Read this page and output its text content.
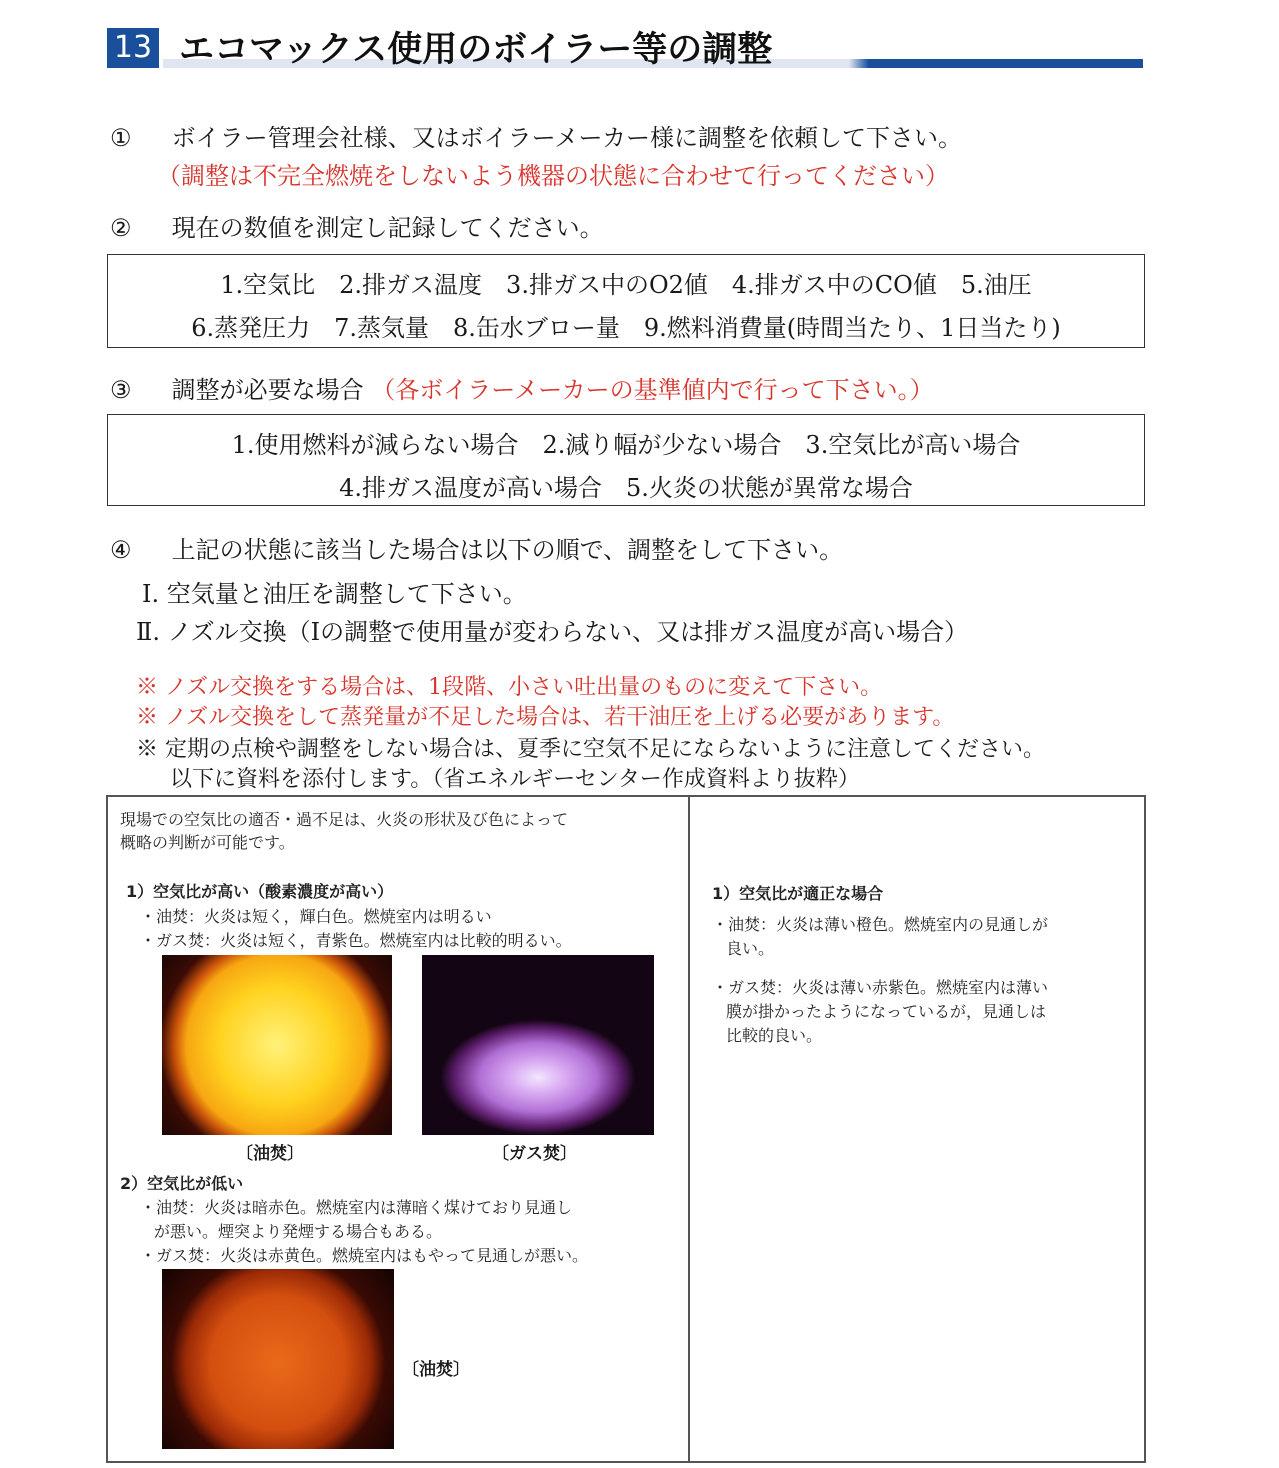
13 エコマックス使用のボイラー等の調整
① ボイラー管理会社様、又はボイラーメーカー様に調整を依頼して下さい。
（調整は不完全燃焼をしないよう機器の状態に合わせて行ってください）
② 現在の数値を測定し記録してください。
1.空気比　2.排ガス温度　3.排ガス中のO2値　4.排ガス中のCO値　5.油圧
6.蒸発圧力　7.蒸気量　8.缶水ブロー量　9.燃料消費量(時間当たり、1日当たり)
③ 調整が必要な場合 （各ボイラーメーカーの基準値内で行って下さい。）
1.使用燃料が減らない場合　2.減り幅が少ない場合　3.空気比が高い場合
4.排ガス温度が高い場合　5.火炎の状態が異常な場合
④ 上記の状態に該当した場合は以下の順で、調整をして下さい。
Ⅰ. 空気量と油圧を調整して下さい。
Ⅱ. ノズル交換（Ⅰの調整で使用量が変わらない、又は排ガス温度が高い場合）
※ ノズル交換をする場合は、1段階、小さい吐出量のものに変えて下さい。
※ ノズル交換をして蒸発量が不足した場合は、若干油圧を上げる必要があります。
※ 定期の点検や調整をしない場合は、夏季に空気不足にならないように注意してください。
以下に資料を添付します。（省エネルギーセンター作成資料より抜粋）
現場での空気比の適否・過不足は、火炎の形状及び色によって
概略の判断が可能です。
1）空気比が高い（酸素濃度が高い）
・油焚：火炎は短く，輝白色。燃焼室内は明るい
・ガス焚：火炎は短く，青紫色。燃焼室内は比較的明るい。
〔油焚〕	〔ガス焚〕
2）空気比が低い
・油焚：火炎は暗赤色。燃焼室内は薄暗く煤けており見通し
が悪い。煙突より発煙する場合もある。
・ガス焚：火炎は赤黄色。燃焼室内はもやって見通しが悪い。
〔油焚〕
1）空気比が適正な場合
・油焚：火炎は薄い橙色。燃焼室内の見通しが
良い。
・ガス焚：火炎は薄い赤紫色。燃焼室内は薄い
膜が掛かったようになっているが，見通しは
比較的良い。
